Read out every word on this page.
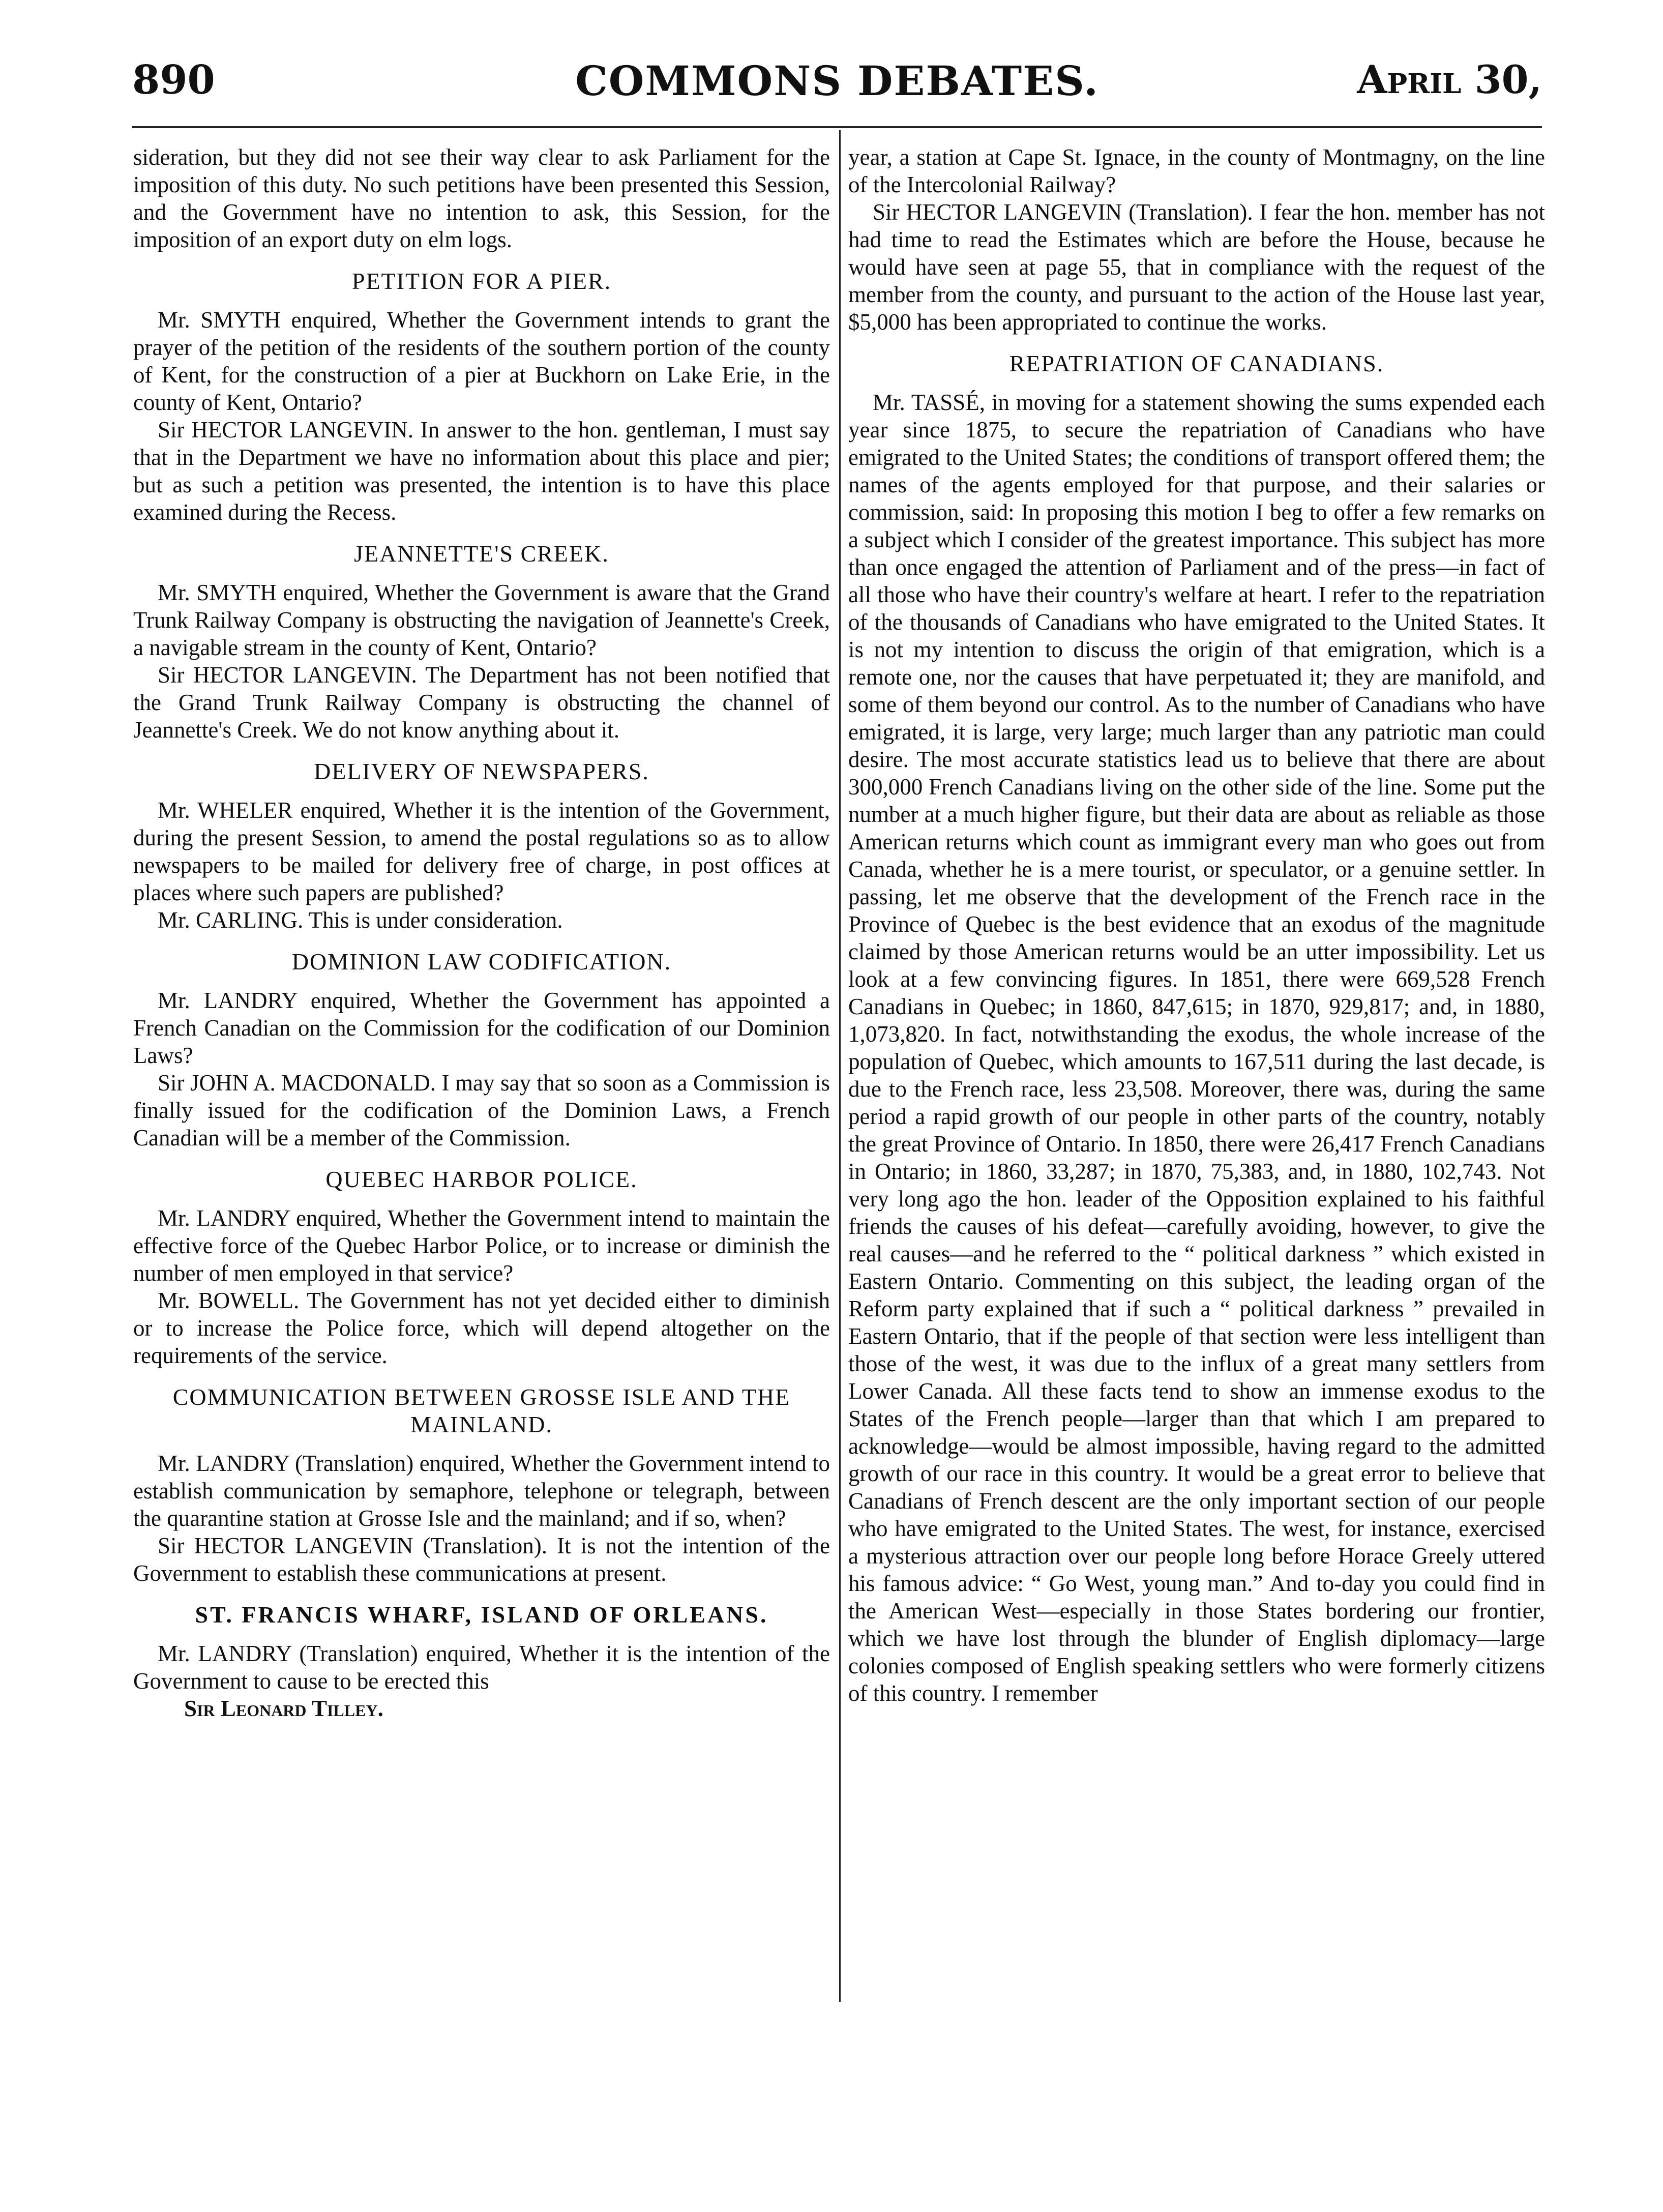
890	COMMONS DEBATES.	April 30,

sideration, but they did not see their way clear to ask Parliament for the imposition of this duty. No such petitions have been presented this Session, and the Government have no intention to ask, this Session, for the imposition of an export duty on elm logs.

PETITION FOR A PIER.

Mr. SMYTH enquired, Whether the Government intends to grant the prayer of the petition of the residents of the southern portion of the county of Kent, for the construction of a pier at Buckhorn on Lake Erie, in the county of Kent, Ontario?

Sir HECTOR LANGEVIN. In answer to the hon. gentleman, I must say that in the Department we have no information about this place and pier; but as such a petition was presented, the intention is to have this place examined during the Recess.

JEANNETTE'S CREEK.

Mr. SMYTH enquired, Whether the Government is aware that the Grand Trunk Railway Company is obstructing the navigation of Jeannette's Creek, a navigable stream in the county of Kent, Ontario?

Sir HECTOR LANGEVIN. The Department has not been notified that the Grand Trunk Railway Company is obstructing the channel of Jeannette's Creek. We do not know anything about it.

DELIVERY OF NEWSPAPERS.

Mr. WHELER enquired, Whether it is the intention of the Government, during the present Session, to amend the postal regulations so as to allow newspapers to be mailed for delivery free of charge, in post offices at places where such papers are published?

Mr. CARLING. This is under consideration.

DOMINION LAW CODIFICATION.

Mr. LANDRY enquired, Whether the Government has appointed a French Canadian on the Commission for the codification of our Dominion Laws?

Sir JOHN A. MACDONALD. I may say that so soon as a Commission is finally issued for the codification of the Dominion Laws, a French Canadian will be a member of the Commission.

QUEBEC HARBOR POLICE.

Mr. LANDRY enquired, Whether the Government intend to maintain the effective force of the Quebec Harbor Police, or to increase or diminish the number of men employed in that service?

Mr. BOWELL. The Government has not yet decided either to diminish or to increase the Police force, which will depend altogether on the requirements of the service.

COMMUNICATION BETWEEN GROSSE ISLE AND THE MAINLAND.

Mr. LANDRY (Translation) enquired, Whether the Government intend to establish communication by semaphore, telephone or telegraph, between the quarantine station at Grosse Isle and the mainland; and if so, when?

Sir HECTOR LANGEVIN (Translation). It is not the intention of the Government to establish these communications at present.

ST. FRANCIS WHARF, ISLAND OF ORLEANS.

Mr. LANDRY (Translation) enquired, Whether it is the intention of the Government to cause to be erected this

Sir Leonard Tilley.

year, a station at Cape St. Ignace, in the county of Montmagny, on the line of the Intercolonial Railway?

Sir HECTOR LANGEVIN (Translation). I fear the hon. member has not had time to read the Estimates which are before the House, because he would have seen at page 55, that in compliance with the request of the member from the county, and pursuant to the action of the House last year, $5,000 has been appropriated to continue the works.

REPATRIATION OF CANADIANS.

Mr. TASSÉ, in moving for a statement showing the sums expended each year since 1875, to secure the repatriation of Canadians who have emigrated to the United States; the conditions of transport offered them; the names of the agents employed for that purpose, and their salaries or commission, said: In proposing this motion I beg to offer a few remarks on a subject which I consider of the greatest importance. This subject has more than once engaged the attention of Parliament and of the press—in fact of all those who have their country's welfare at heart. I refer to the repatriation of the thousands of Canadians who have emigrated to the United States. It is not my intention to discuss the origin of that emigration, which is a remote one, nor the causes that have perpetuated it; they are manifold, and some of them beyond our control. As to the number of Canadians who have emigrated, it is large, very large; much larger than any patriotic man could desire. The most accurate statistics lead us to believe that there are about 300,000 French Canadians living on the other side of the line. Some put the number at a much higher figure, but their data are about as reliable as those American returns which count as immigrant every man who goes out from Canada, whether he is a mere tourist, or speculator, or a genuine settler. In passing, let me observe that the development of the French race in the Province of Quebec is the best evidence that an exodus of the magnitude claimed by those American returns would be an utter impossibility. Let us look at a few convincing figures. In 1851, there were 669,528 French Canadians in Quebec; in 1860, 847,615; in 1870, 929,817; and, in 1880, 1,073,820. In fact, notwithstanding the exodus, the whole increase of the population of Quebec, which amounts to 167,511 during the last decade, is due to the French race, less 23,508. Moreover, there was, during the same period a rapid growth of our people in other parts of the country, notably the great Province of Ontario. In 1850, there were 26,417 French Canadians in Ontario; in 1860, 33,287; in 1870, 75,383, and, in 1880, 102,743. Not very long ago the hon. leader of the Opposition explained to his faithful friends the causes of his defeat—carefully avoiding, however, to give the real causes—and he referred to the “ political darkness ” which existed in Eastern Ontario. Commenting on this subject, the leading organ of the Reform party explained that if such a “ political darkness ” prevailed in Eastern Ontario, that if the people of that section were less intelligent than those of the west, it was due to the influx of a great many settlers from Lower Canada. All these facts tend to show an immense exodus to the States of the French people—larger than that which I am prepared to acknowledge—would be almost impossible, having regard to the admitted growth of our race in this country. It would be a great error to believe that Canadians of French descent are the only important section of our people who have emigrated to the United States. The west, for instance, exercised a mysterious attraction over our people long before Horace Greely uttered his famous advice: “ Go West, young man.” And to-day you could find in the American West—especially in those States bordering our frontier, which we have lost through the blunder of English diplomacy—large colonies composed of English speaking settlers who were formerly citizens of this country. I remember
